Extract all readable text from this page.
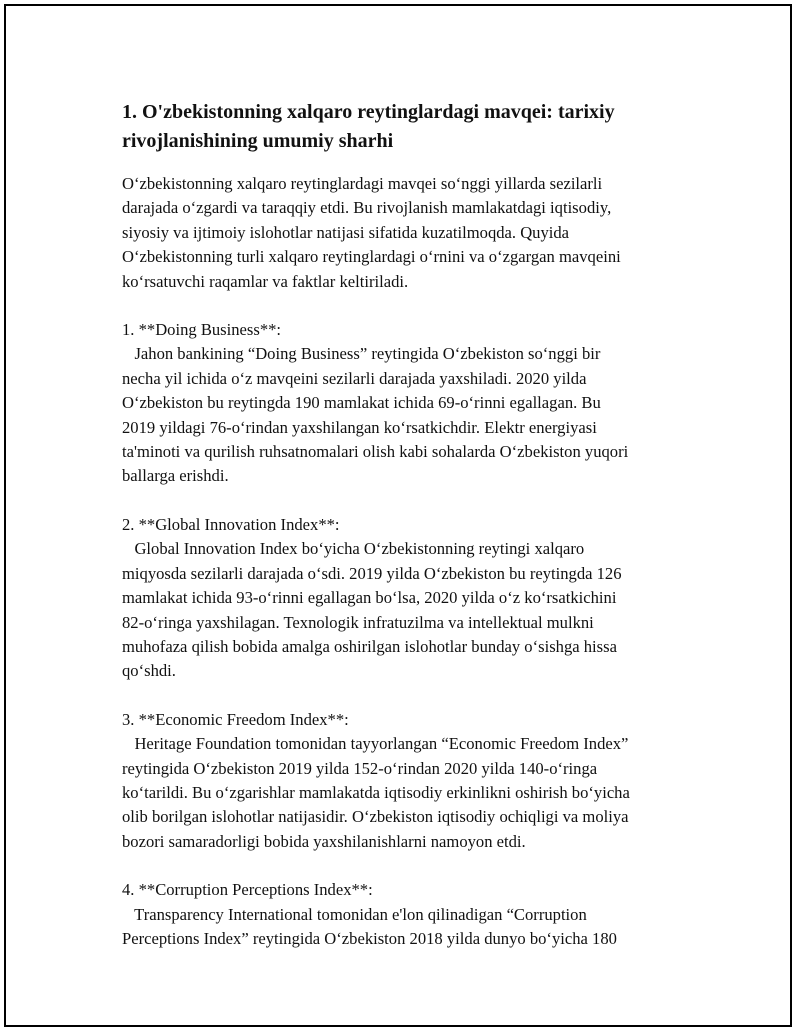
1. O'zbekistonning xalqaro reytinglardagi mavqei: tarixiy
rivojlanishining umumiy sharhi
O‘zbekistonning xalqaro reytinglardagi mavqei so‘nggi yillarda sezilarli
darajada o‘zgardi va taraqqiy etdi. Bu rivojlanish mamlakatdagi iqtisodiy,
siyosiy va ijtimoiy islohotlar natijasi sifatida kuzatilmoqda. Quyida
O‘zbekistonning turli xalqaro reytinglardagi o‘rnini va o‘zgargan mavqeini
ko‘rsatuvchi raqamlar va faktlar keltiriladi.
1. **Doing Business**:
Jahon bankining “Doing Business” reytingida O‘zbekiston so‘nggi bir
necha yil ichida o‘z mavqeini sezilarli darajada yaxshiladi. 2020 yilda
O‘zbekiston bu reytingda 190 mamlakat ichida 69-o‘rinni egallagan. Bu
2019 yildagi 76-o‘rindan yaxshilangan ko‘rsatkichdir. Elektr energiyasi
ta'minoti va qurilish ruhsatnomalari olish kabi sohalarda O‘zbekiston yuqori
ballarga erishdi.
2. **Global Innovation Index**:
Global Innovation Index bo‘yicha O‘zbekistonning reytingi xalqaro
miqyosda sezilarli darajada o‘sdi. 2019 yilda O‘zbekiston bu reytingda 126
mamlakat ichida 93-o‘rinni egallagan bo‘lsa, 2020 yilda o‘z ko‘rsatkichini
82-o‘ringa yaxshilagan. Texnologik infratuzilma va intellektual mulkni
muhofaza qilish bobida amalga oshirilgan islohotlar bunday o‘sishga hissa
qo‘shdi.
3. **Economic Freedom Index**:
Heritage Foundation tomonidan tayyorlangan “Economic Freedom Index”
reytingida O‘zbekiston 2019 yilda 152-o‘rindan 2020 yilda 140-o‘ringa
ko‘tarildi. Bu o‘zgarishlar mamlakatda iqtisodiy erkinlikni oshirish bo‘yicha
olib borilgan islohotlar natijasidir. O‘zbekiston iqtisodiy ochiqligi va moliya
bozori samaradorligi bobida yaxshilanishlarni namoyon etdi.
4. **Corruption Perceptions Index**:
Transparency International tomonidan e'lon qilinadigan “Corruption
Perceptions Index” reytingida O‘zbekiston 2018 yilda dunyo bo‘yicha 180
